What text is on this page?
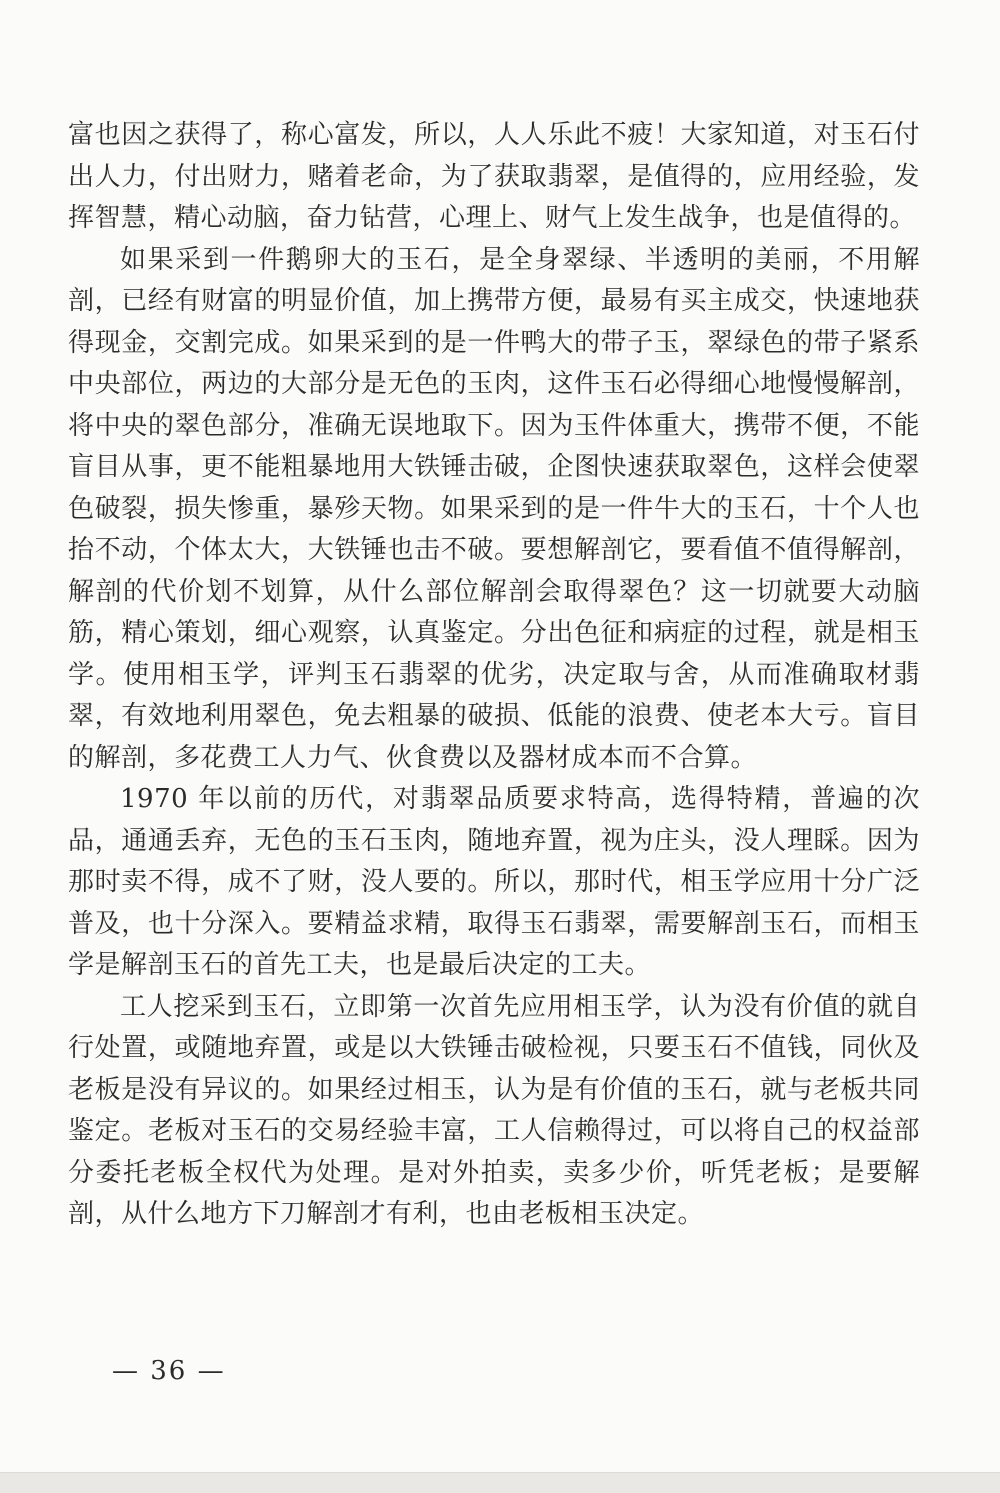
富也因之获得了，称心富发，所以，人人乐此不疲！大家知道，对玉石付出人力，付出财力，赌着老命，为了获取翡翠，是值得的，应用经验，发挥智慧，精心动脑，奋力钻营，心理上、财气上发生战争，也是值得的。

如果采到一件鹅卵大的玉石，是全身翠绿、半透明的美丽，不用解剖，已经有财富的明显价值，加上携带方便，最易有买主成交，快速地获得现金，交割完成。如果采到的是一件鸭大的带子玉，翠绿色的带子紧系中央部位，两边的大部分是无色的玉肉，这件玉石必得细心地慢慢解剖，将中央的翠色部分，准确无误地取下。因为玉件体重大，携带不便，不能盲目从事，更不能粗暴地用大铁锤击破，企图快速获取翠色，这样会使翠色破裂，损失惨重，暴殄天物。如果采到的是一件牛大的玉石，十个人也抬不动，个体太大，大铁锤也击不破。要想解剖它，要看值不值得解剖，解剖的代价划不划算，从什么部位解剖会取得翠色？这一切就要大动脑筋，精心策划，细心观察，认真鉴定。分出色征和病症的过程，就是相玉学。使用相玉学，评判玉石翡翠的优劣，决定取与舍，从而准确取材翡翠，有效地利用翠色，免去粗暴的破损、低能的浪费、使老本大亏。盲目的解剖，多花费工人力气、伙食费以及器材成本而不合算。

1970 年以前的历代，对翡翠品质要求特高，选得特精，普遍的次品，通通丢弃，无色的玉石玉肉，随地弃置，视为庄头，没人理睬。因为那时卖不得，成不了财，没人要的。所以，那时代，相玉学应用十分广泛普及，也十分深入。要精益求精，取得玉石翡翠，需要解剖玉石，而相玉学是解剖玉石的首先工夫，也是最后决定的工夫。

工人挖采到玉石，立即第一次首先应用相玉学，认为没有价值的就自行处置，或随地弃置，或是以大铁锤击破检视，只要玉石不值钱，同伙及老板是没有异议的。如果经过相玉，认为是有价值的玉石，就与老板共同鉴定。老板对玉石的交易经验丰富，工人信赖得过，可以将自己的权益部分委托老板全权代为处理。是对外拍卖，卖多少价，听凭老板；是要解剖，从什么地方下刀解剖才有利，也由老板相玉决定。

— 36 —
